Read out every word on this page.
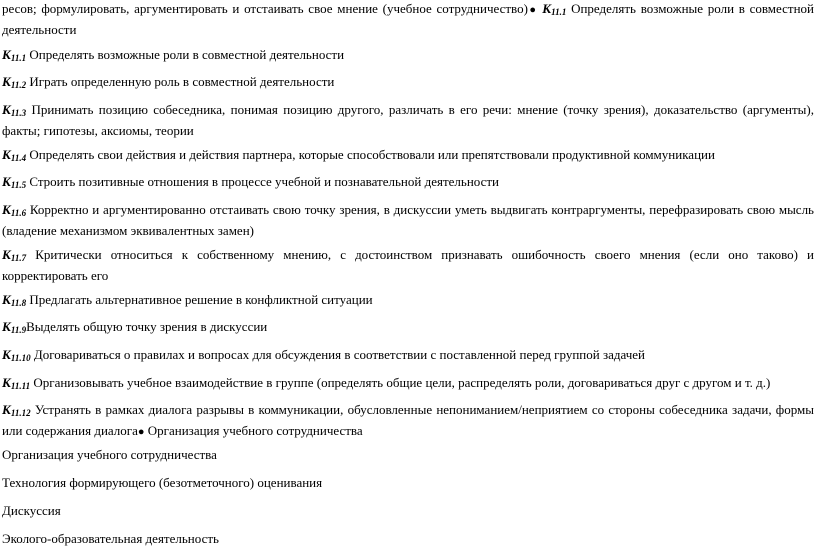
ресов; формулировать, аргументировать и отстаивать свое мнение (учебное сотрудничество)● $К_{11.1}$ Определять возможные роли в совместной деятельности
$К_{11.1}$ Определять возможные роли в совместной деятельности
$К_{11.2}$ Играть определенную роль в совместной деятельности
$К_{11.3}$ Принимать позицию собеседника, понимая позицию другого, различать в его речи: мнение (точку зрения), доказательство (аргументы), факты; гипотезы, аксиомы, теории
$К_{11.4}$ Определять свои действия и действия партнера, которые способствовали или препятствовали продуктивной коммуникации
$К_{11.5}$ Строить позитивные отношения в процессе учебной и познавательной деятельности
$К_{11.6}$ Корректно и аргументированно отстаивать свою точку зрения, в дискуссии уметь выдвигать контраргументы, перефразировать свою мысль (владение механизмом эквивалентных замен)
$К_{11.7}$ Критически относиться к собственному мнению, с достоинством признавать ошибочность своего мнения (если оно таково) и корректировать его
$К_{11.8}$ Предлагать альтернативное решение в конфликтной ситуации
$К_{11.9}Выделять$ общую точку зрения в дискуссии
$К_{11.10}$ Договариваться о правилах и вопросах для обсуждения в соответствии с поставленной перед группой задачей
$К_{11.11}$ Организовывать учебное взаимодействие в группе (определять общие цели, распределять роли, договариваться друг с другом и т. д.)
$К_{11.12}$ Устранять в рамках диалога разрывы в коммуникации, обусловленные непониманием/неприятием со стороны собеседника задачи, формы или содержания диалога● Организация учебного сотрудничества
Организация учебного сотрудничества
Технология формирующего (безотметочного) оценивания
Дискуссия
Эколого-образовательная деятельность
